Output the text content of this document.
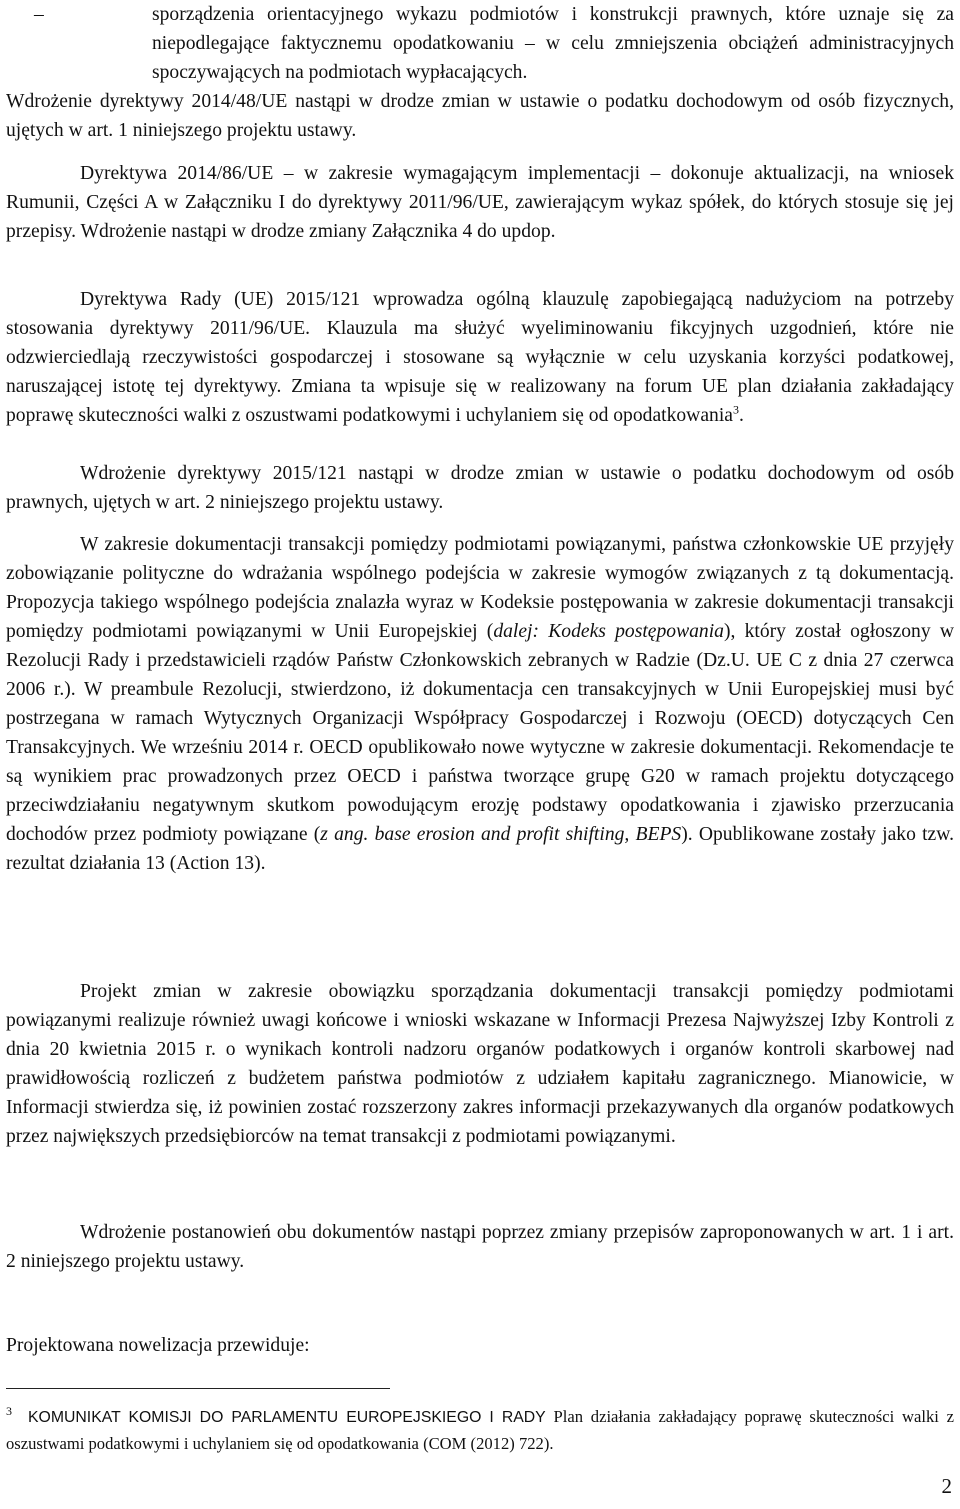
–	sporządzenia orientacyjnego wykazu podmiotów i konstrukcji prawnych, które uznaje się za niepodlegające faktycznemu opodatkowaniu – w celu zmniejszenia obciążeń administracyjnych spoczywających na podmiotach wypłacających.

Wdrożenie dyrektywy 2014/48/UE nastąpi w drodze zmian w ustawie o podatku dochodowym od osób fizycznych, ujętych w art. 1 niniejszego projektu ustawy.

Dyrektywa 2014/86/UE – w zakresie wymagającym implementacji – dokonuje aktualizacji, na wniosek Rumunii, Części A w Załączniku I do dyrektywy 2011/96/UE, zawierającym wykaz spółek, do których stosuje się jej przepisy. Wdrożenie nastąpi w drodze zmiany Załącznika 4 do updop.

Dyrektywa Rady (UE) 2015/121 wprowadza ogólną klauzulę zapobiegającą nadużyciom na potrzeby stosowania dyrektywy 2011/96/UE. Klauzula ma służyć wyeliminowaniu fikcyjnych uzgodnień, które nie odzwierciedlają rzeczywistości gospodarczej i stosowane są wyłącznie w celu uzyskania korzyści podatkowej, naruszającej istotę tej dyrektywy. Zmiana ta wpisuje się w realizowany na forum UE plan działania zakładający poprawę skuteczności walki z oszustwami podatkowymi i uchylaniem się od opodatkowania$^3$.

Wdrożenie dyrektywy 2015/121 nastąpi w drodze zmian w ustawie o podatku dochodowym od osób prawnych, ujętych w art. 2 niniejszego projektu ustawy.

W zakresie dokumentacji transakcji pomiędzy podmiotami powiązanymi, państwa członkowskie UE przyjęły zobowiązanie polityczne do wdrażania wspólnego podejścia w zakresie wymogów związanych z tą dokumentacją. Propozycja takiego wspólnego podejścia znalazła wyraz w Kodeksie postępowania w zakresie dokumentacji transakcji pomiędzy podmiotami powiązanymi w Unii Europejskiej (dalej: Kodeks postępowania), który został ogłoszony w Rezolucji Rady i przedstawicieli rządów Państw Członkowskich zebranych w Radzie (Dz.U. UE C z dnia 27 czerwca 2006 r.). W preambule Rezolucji, stwierdzono, iż dokumentacja cen transakcyjnych w Unii Europejskiej musi być postrzegana w ramach Wytycznych Organizacji Współpracy Gospodarczej i Rozwoju (OECD) dotyczących Cen Transakcyjnych. We wrześniu 2014 r. OECD opublikowało nowe wytyczne w zakresie dokumentacji. Rekomendacje te są wynikiem prac prowadzonych przez OECD i państwa tworzące grupę G20 w ramach projektu dotyczącego przeciwdziałaniu negatywnym skutkom powodującym erozję podstawy opodatkowania i zjawisko przerzucania dochodów przez podmioty powiązane (z ang. base erosion and profit shifting, BEPS). Opublikowane zostały jako tzw. rezultat działania 13 (Action 13).

Projekt zmian w zakresie obowiązku sporządzania dokumentacji transakcji pomiędzy podmiotami powiązanymi realizuje również uwagi końcowe i wnioski wskazane w Informacji Prezesa Najwyższej Izby Kontroli z dnia 20 kwietnia 2015 r. o wynikach kontroli nadzoru organów podatkowych i organów kontroli skarbowej nad prawidłowością rozliczeń z budżetem państwa podmiotów z udziałem kapitału zagranicznego. Mianowicie, w Informacji stwierdza się, iż powinien zostać rozszerzony zakres informacji przekazywanych dla organów podatkowych przez największych przedsiębiorców na temat transakcji z podmiotami powiązanymi.

Wdrożenie postanowień obu dokumentów nastąpi poprzez zmiany przepisów zaproponowanych w art. 1 i art. 2 niniejszego projektu ustawy.

Projektowana nowelizacja przewiduje:

$^3$ KOMUNIKAT KOMISJI DO PARLAMENTU EUROPEJSKIEGO I RADY Plan działania zakładający poprawę skuteczności walki z oszustwami podatkowymi i uchylaniem się od opodatkowania (COM (2012) 722).
2
